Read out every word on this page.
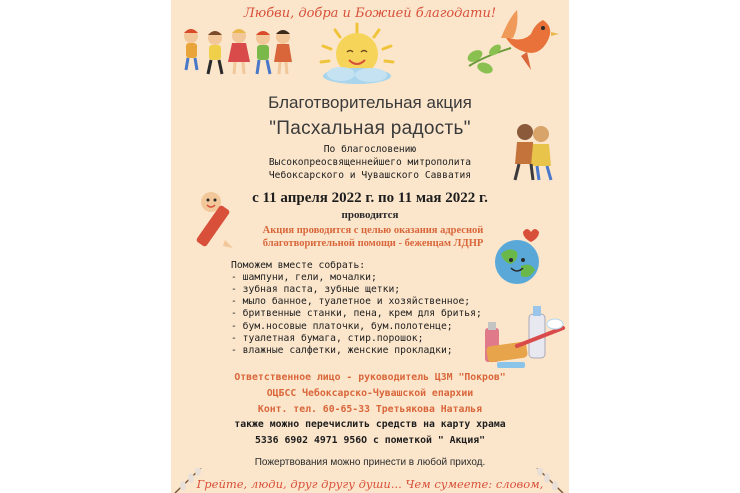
Любви, добра и Божией благодати!
Благотворительная акция
"Пасхальная радость"
По благословению
Высокопреосвященнейшего митрополита
Чебоксарского и Чувашского Савватия
с 11 апреля 2022 г. по 11 мая 2022 г.
проводится
Акция проводится с целью оказания адресной
благотворительной помощи - беженцам ЛДНР
Поможем вместе собрать:
- шампуни, гели, мочалки;
- зубная паста, зубные щетки;
- мыло банное, туалетное и хозяйственное;
- бритвенные станки, пена, крем для бритья;
- бум.носовые платочки, бум.полотенце;
- туалетная бумага, стир.порошок;
- влажные салфетки, женские прокладки;
Ответственное лицо - руководитель ЦЗМ "Покров"
ОЦБСС Чебоксарско-Чувашской епархии
Конт. тел. 60-65-33 Третьякова Наталья
также можно перечислить средств на карту храма
5336 6902 4971 956О с пометкой " Акция"
Пожертвования можно принести в любой приход.
Грейте, люди, друг другу души... Чем сумеете: словом,
